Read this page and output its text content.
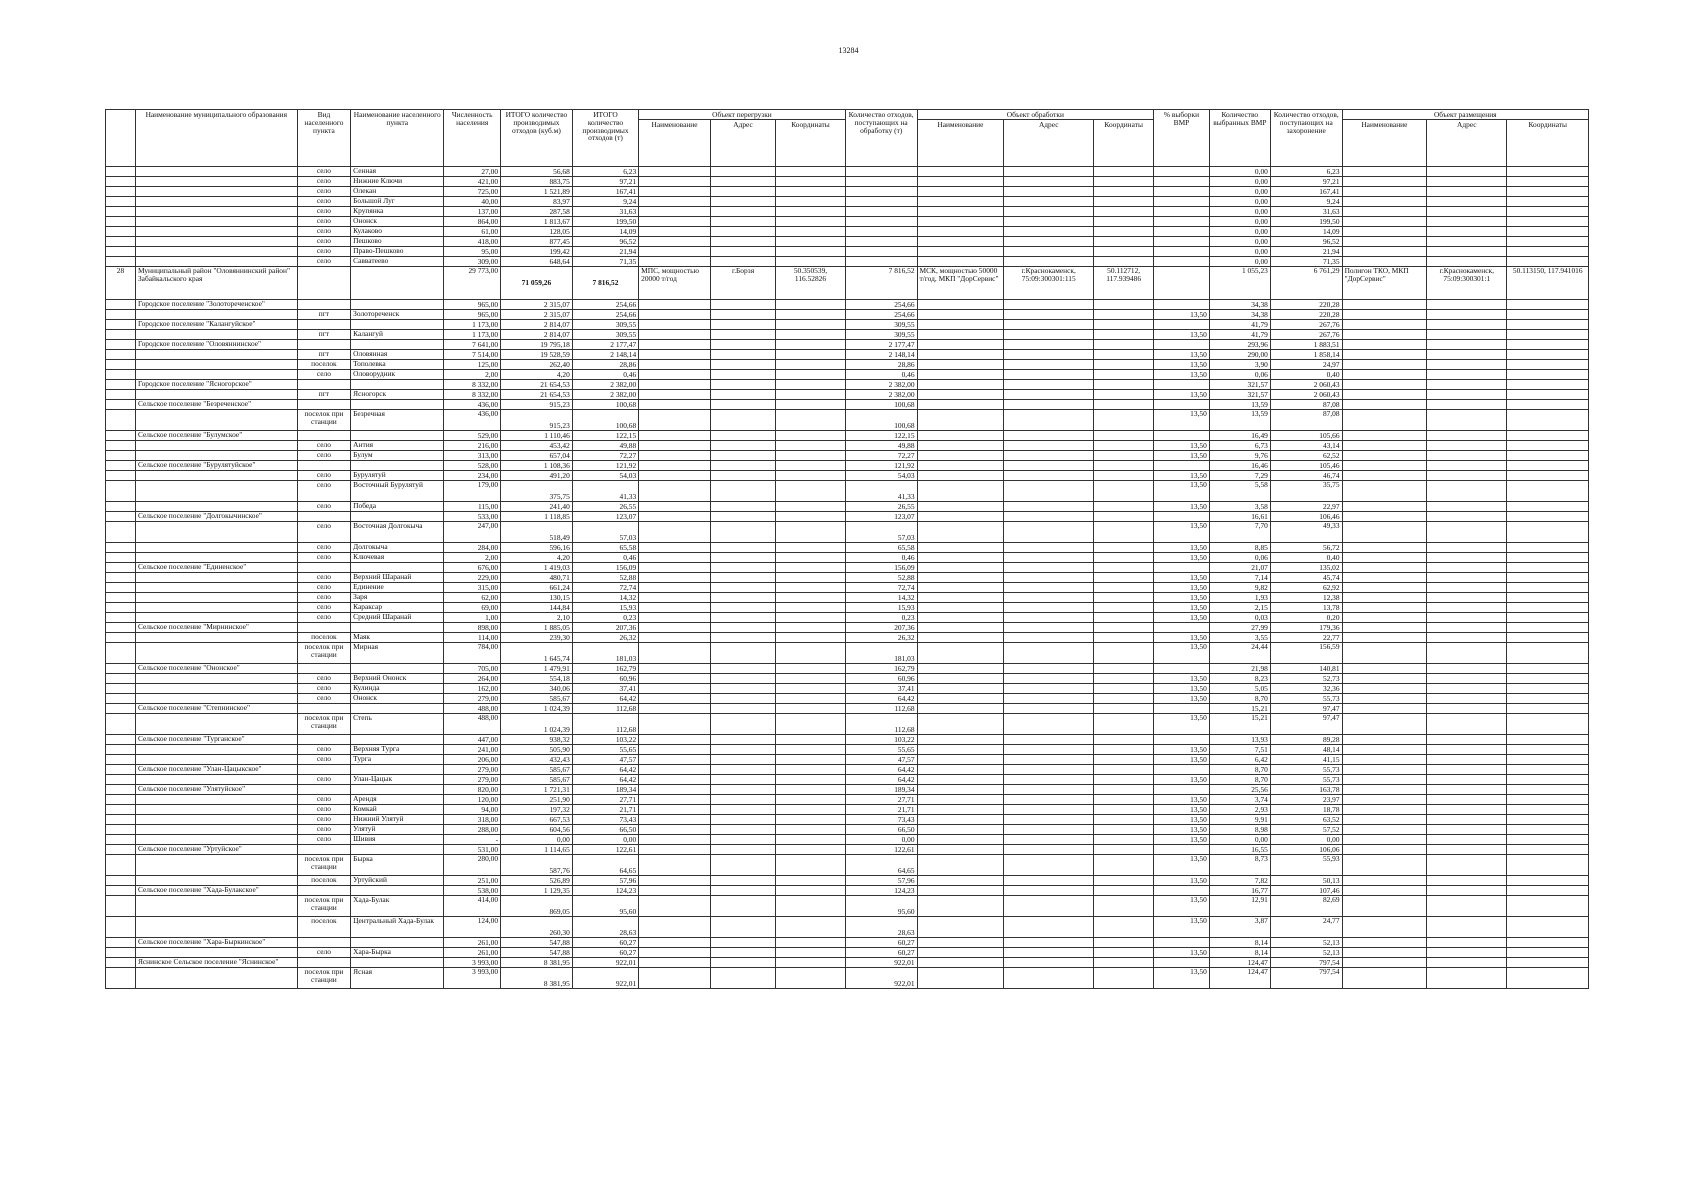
13284
	Наименование муниципального образования	Вид населенного пункта	Наименование населенного пункта	Численность населения	ИТОГО количество производимых отходов (куб.м)	ИТОГО количество производимых отходов (т)	Объект перегрузки			Количество отходов, поступающих на обработку (т)	Объект обработки			% выборки ВМР	Количество выбранных ВМР	Количество отходов, поступающих на захоронение	Объект размещения		
							Наименование	Адрес	Координаты		Наименование	Адрес	Координаты				Наименование	Адрес	Координаты
		село	Сенная	27,00	56,68	6,23									0,00	6,23			
		село	Нижние Ключи	421,00	883,75	97,21									0,00	97,21			
		село	Олекан	725,00	1 521,89	167,41									0,00	167,41			
		село	Большой Луг	40,00	83,97	9,24									0,00	9,24			
		село	Крупянка	137,00	287,58	31,63									0,00	31,63			
		село	Ононск	864,00	1 813,67	199,50									0,00	199,50			
		село	Кулаково	61,00	128,05	14,09									0,00	14,09			
		село	Пешково	418,00	877,45	96,52									0,00	96,52			
		село	Право-Пешково	95,00	199,42	21,94									0,00	21,94			
		село	Савватеево	309,00	648,64	71,35									0,00	71,35			
28	Муниципальный район "Оловяннинский район" Забайкальского края			29 773,00	71 059,26	7 816,52	МПС, мощностью 20000 т/год	г.Борзя	50.350539, 116.52826	7 816,52	МСК, мощностью 50000 т/год, МКП "ДорСервис"	г.Краснокаменск, 75:09:300301:115	50.112712, 117.939486		1 055,23	6 761,29	Полигон ТКО, МКП "ДорСервис"	г.Краснокаменск, 75:09:300301:1	50.113150, 117.941016
	Городское поселение "Золотореченское"			965,00	2 315,07	254,66				254,66					34,38	220,28			
		пгт	Золотореченск	965,00	2 315,07	254,66				254,66				13,50	34,38	220,28			
	Городское поселение "Калангуйское"			1 173,00	2 814,07	309,55				309,55					41,79	267,76			
		пгт	Калангуй	1 173,00	2 814,07	309,55				309,55				13,50	41,79	267,76			
	Городское поселение "Оловяннинское"			7 641,00	19 795,18	2 177,47				2 177,47					293,96	1 883,51			
		пгт	Оловянная	7 514,00	19 528,59	2 148,14				2 148,14				13,50	290,00	1 858,14			
		поселок	Тополевка	125,00	262,40	28,86				28,86				13,50	3,90	24,97			
		село	Оловорудник	2,00	4,20	0,46				0,46				13,50	0,06	0,40			
	Городское поселение "Ясногорское"			8 332,00	21 654,53	2 382,00				2 382,00					321,57	2 060,43			
		пгт	Ясногорск	8 332,00	21 654,53	2 382,00				2 382,00				13,50	321,57	2 060,43			
	Сельское поселение "Безреченское"			436,00	915,23	100,68				100,68					13,59	87,08			
		поселок при станции	Безречная	436,00	915,23	100,68				100,68				13,50	13,59	87,08			
	Сельское поселение "Булумское"			529,00	1 110,46	122,15				122,15					16,49	105,66			
		село	Антия	216,00	453,42	49,88				49,88				13,50	6,73	43,14			
		село	Булум	313,00	657,04	72,27				72,27				13,50	9,76	62,52			
	Сельское поселение "Бурулятуйское"			528,00	1 108,36	121,92				121,92					16,46	105,46			
		село	Бурулятуй	234,00	491,20	54,03				54,03				13,50	7,29	46,74			
		село	Восточный Бурулятуй	179,00	375,75	41,33				41,33				13,50	5,58	35,75			
		село	Победа	115,00	241,40	26,55				26,55				13,50	3,58	22,97			
	Сельское поселение "Долгокычинское"			533,00	1 118,85	123,07				123,07					16,61	106,46			
		село	Восточная Долгокыча	247,00	518,49	57,03				57,03				13,50	7,70	49,33			
		село	Долгокыча	284,00	596,16	65,58				65,58				13,50	8,85	56,72			
		село	Ключевая	2,00	4,20	0,46				0,46				13,50	0,06	0,40			
	Сельское поселение "Единенское"			676,00	1 419,03	156,09				156,09					21,07	135,02			
		село	Верхний Шаранай	229,00	480,71	52,88				52,88				13,50	7,14	45,74			
		село	Единение	315,00	661,24	72,74				72,74				13,50	9,82	62,92			
		село	Заря	62,00	130,15	14,32				14,32				13,50	1,93	12,38			
		село	Караксар	69,00	144,84	15,93				15,93				13,50	2,15	13,78			
		село	Средний Шаранай	1,00	2,10	0,23				0,23				13,50	0,03	0,20			
	Сельское поселение "Мирнинское"			898,00	1 885,05	207,36				207,36					27,99	179,36			
		поселок	Маяк	114,00	239,30	26,32				26,32				13,50	3,55	22,77			
		поселок при станции	Мирная	784,00	1 645,74	181,03				181,03				13,50	24,44	156,59			
	Сельское поселение "Ононское"			705,00	1 479,91	162,79				162,79					21,98	140,81			
		село	Верхний Ононск	264,00	554,18	60,96				60,96				13,50	8,23	52,73			
		село	Кулинда	162,00	340,06	37,41				37,41				13,50	5,05	32,36			
		село	Ононск	279,00	585,67	64,42				64,42				13,50	8,70	55,73			
	Сельское поселение "Степнинское"			488,00	1 024,39	112,68				112,68					15,21	97,47			
		поселок при станции	Степь	488,00	1 024,39	112,68				112,68				13,50	15,21	97,47			
	Сельское поселение "Турганское"			447,00	938,32	103,22				103,22					13,93	89,28			
		село	Верхняя Турга	241,00	505,90	55,65				55,65				13,50	7,51	48,14			
		село	Турга	206,00	432,43	47,57				47,57				13,50	6,42	41,15			
	Сельское поселение "Улан-Цацыкское"			279,00	585,67	64,42				64,42					8,70	55,73			
		село	Улан-Цацык	279,00	585,67	64,42				64,42				13,50	8,70	55,73			
	Сельское поселение "Улятуйское"			820,00	1 721,31	189,34				189,34					25,56	163,78			
		село	Арендя	120,00	251,90	27,71				27,71				13,50	3,74	23,97			
		село	Комкай	94,00	197,32	21,71				21,71				13,50	2,93	18,78			
		село	Нижний Улятуй	318,00	667,53	73,43				73,43				13,50	9,91	63,52			
		село	Улятуй	288,00	604,56	66,50				66,50				13,50	8,98	57,52			
		село	Шивия	-	0,00	0,00				0,00				13,50	0,00	0,00			
	Сельское поселение "Уртуйское"			531,00	1 114,65	122,61				122,61					16,55	106,06			
		поселок при станции	Бырка	280,00	587,76	64,65				64,65				13,50	8,73	55,93			
		поселок	Уртуйский	251,00	526,89	57,96				57,96				13,50	7,82	50,13			
	Сельское поселение "Хада-Булакское"			538,00	1 129,35	124,23				124,23					16,77	107,46			
		поселок при станции	Хада-Булак	414,00	869,05	95,60				95,60				13,50	12,91	82,69			
		поселок	Центральный Хада-Булак	124,00	260,30	28,63				28,63				13,50	3,87	24,77			
	Сельское поселение "Хара-Быркинское"			261,00	547,88	60,27				60,27					8,14	52,13			
		село	Хара-Бырка	261,00	547,88	60,27				60,27				13,50	8,14	52,13			
	Яснинское Сельское поселение "Яснинское"			3 993,00	8 381,95	922,01				922,01					124,47	797,54			
		поселок при станции	Ясная	3 993,00	8 381,95	922,01				922,01				13,50	124,47	797,54			
